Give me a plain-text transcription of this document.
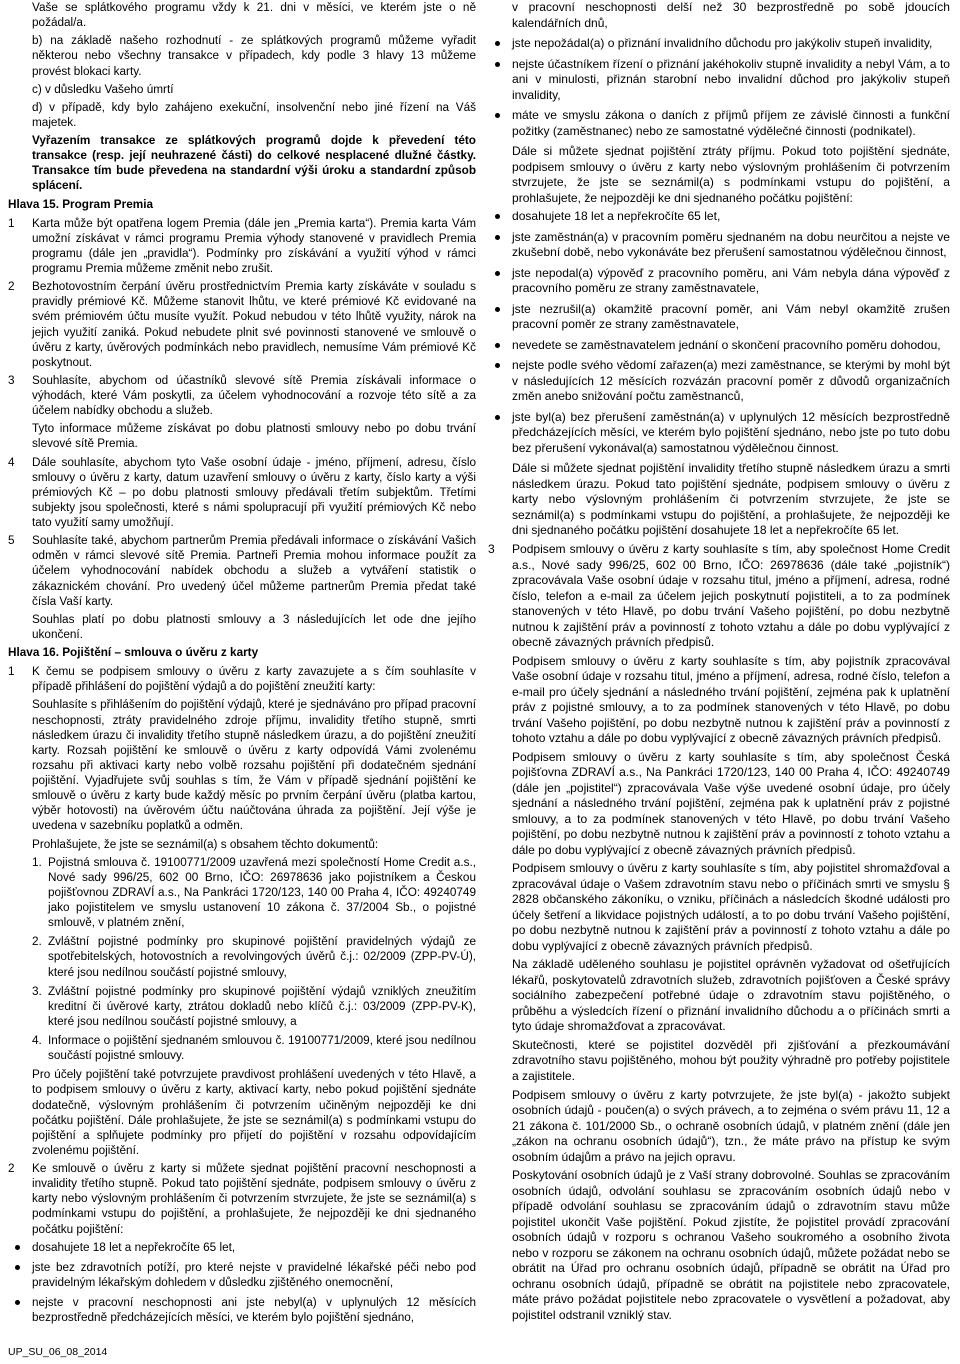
Vaše se splátkového programu vždy k 21. dni v měsíci, ve kterém jste o ně požádal/a.

b) na základě našeho rozhodnutí - ze splátkových programů můžeme vyřadit některou nebo všechny transakce v případech, kdy podle 3 hlavy 13 můžeme provést blokaci karty.

c) v důsledku Vašeho úmrtí

d) v případě, kdy bylo zahájeno exekuční, insolvenční nebo jiné řízení na Váš majetek.

Vyřazením transakce ze splátkových programů dojde k převedení této transakce (resp. její neuhrazené části) do celkové nesplacené dlužné částky. Transakce tím bude převedena na standardní výši úroku a standardní způsob splácení.

Hlava 15. Program Premia
1 Karta může být opatřena logem Premia (dále jen „Premia karta“). Premia karta Vám umožní získávat v rámci programu Premia výhody stanovené v pravidlech Premia programu (dále jen „pravidla“). Podmínky pro získávání a využití výhod v rámci programu Premia můžeme změnit nebo zrušit.

2 Bezhotovostním čerpání úvěru prostřednictvím Premia karty získáváte v souladu s pravidly prémiové Kč. Můžeme stanovit lhůtu, ve které prémiové Kč evidované na svém prémiovém účtu musíte využít. Pokud nebudou v této lhůtě využity, nárok na jejich využití zaniká. Pokud nebudete plnit své povinnosti stanovené ve smlouvě o úvěru z karty, úvěrových podmínkách nebo pravidlech, nemusíme Vám prémiové Kč poskytnout.

3 Souhlasíte, abychom od účastníků slevové sítě Premia získávali informace o výhodách, které Vám poskytli, za účelem vyhodnocování a rozvoje této sítě a za účelem nabídky obchodu a služeb.

Tyto informace můžeme získávat po dobu platnosti smlouvy nebo po dobu trvání slevové sítě Premia.

4 Dále souhlasíte, abychom tyto Vaše osobní údaje - jméno, příjmení, adresu, číslo smlouvy o úvěru z karty, datum uzavření smlouvy o úvěru z karty, číslo karty a výši prémiových Kč – po dobu platnosti smlouvy předávali třetím subjektům. Třetími subjekty jsou společnosti, které s námi spolupracují při využití prémiových Kč nebo tato využití samy umožňují.

5 Souhlasíte také, abychom partnerům Premia předávali informace o získávání Vašich odměn v rámci slevové sítě Premia. Partneři Premia mohou informace použít za účelem vyhodnocování nabídek obchodu a služeb a vytváření statistik o zákaznickém chování. Pro uvedený účel můžeme partnerům Premia předat také čísla Vaší karty.

Souhlas platí po dobu platnosti smlouvy a 3 následujících let ode dne jejího ukončení.

Hlava 16. Pojištění – smlouva o úvěru z karty
1 K čemu se podpisem smlouvy o úvěru z karty zavazujete a s čím souhlasíte v případě přihlášení do pojištění výdajů a do pojištění zneužití karty:

Souhlasíte s přihlášením do pojištění výdajů, které je sjednáváno pro případ pracovní neschopnosti, ztráty pravidelného zdroje příjmu, invalidity třetího stupně, smrti následkem úrazu či invalidity třetího stupně následkem úrazu, a do pojištění zneužití karty. Rozsah pojištění ke smlouvě o úvěru z karty odpovídá Vámi zvolenému rozsahu při aktivaci karty nebo volbě rozsahu pojištění při dodatečném sjednání pojištění. Vyjadřujete svůj souhlas s tím, že Vám v případě sjednání pojištění ke smlouvě o úvěru z karty bude každý měsíc po prvním čerpání úvěru (platba kartou, výběr hotovosti) na úvěrovém účtu naúčtována úhrada za pojištění. Její výše je uvedena v sazebníku poplatků a odměn.

Prohlašujete, že jste se seznámil(a) s obsahem těchto dokumentů:

1. Pojistná smlouva č. 19100771/2009 uzavřená mezi společností Home Credit a.s., Nové sady 996/25, 602 00 Brno, IČO: 26978636 jako pojistníkem a Českou pojišťovnou ZDRAVÍ a.s., Na Pankráci 1720/123, 140 00 Praha 4, IČO: 49240749 jako pojistitelem ve smyslu ustanovení 10 zákona č. 37/2004 Sb., o pojistné smlouvě, v platném znění,
2. Zvláštní pojistné podmínky pro skupinové pojištění pravidelných výdajů ze spotřebitelských, hotovostních a revolvingových úvěrů č.j.: 02/2009 (ZPP-PV-Ú), které jsou nedílnou součástí pojistné smlouvy,
3. Zvláštní pojistné podmínky pro skupinové pojištění výdajů vzniklých zneužitím kreditní či úvěrové karty, ztrátou dokladů nebo klíčů č.j.: 03/2009 (ZPP-PV-K), které jsou nedílnou součástí pojistné smlouvy, a
4. Informace o pojištění sjednaném smlouvou č. 19100771/2009, které jsou nedílnou součástí pojistné smlouvy.

Pro účely pojištění také potvrzujete pravdivost prohlášení uvedených v této Hlavě, a to podpisem smlouvy o úvěru z karty, aktivací karty, nebo pokud pojištění sjednáte dodatečně, výslovným prohlášením či potvrzením učiněným nejpozději ke dni počátku pojištění. Dále prohlašujete, že jste se seznámil(a) s podmínkami vstupu do pojištění a splňujete podmínky pro přijetí do pojištění v rozsahu odpovídajícím zvolenému pojištění.

2 Ke smlouvě o úvěru z karty si můžete sjednat pojištění pracovní neschopnosti a invalidity třetího stupně. Pokud tato pojištění sjednáte, podpisem smlouvy o úvěru z karty nebo výslovným prohlášením či potvrzením stvrzujete, že jste se seznámil(a) s podmínkami vstupu do pojištění, a prohlašujete, že nejpozději ke dni sjednaného počátku pojištění:

dosahujete 18 let a nepřekročíte 65 let,
jste bez zdravotních potíží, pro které nejste v pravidelné lékařské péči nebo pod pravidelným lékařským dohledem v důsledku zjištěného onemocnění,
nejste v pracovní neschopnosti ani jste nebyl(a) v uplynulých 12 měsících bezprostředně předcházejících měsíci, ve kterém bylo pojištění sjednáno,
v pracovní neschopnosti delší než 30 bezprostředně po sobě jdoucích kalendářních dnů,
jste nepožádal(a) o přiznání invalidního důchodu pro jakýkoliv stupeň invalidity,
nejste účastníkem řízení o přiznání jakéhokoliv stupně invalidity a nebyl Vám, a to ani v minulosti, přiznán starobní nebo invalidní důchod pro jakýkoliv stupeň invalidity,
máte ve smyslu zákona o daních z příjmů příjem ze závislé činnosti a funkční požitky (zaměstnanec) nebo ze samostatné výdělečné činnosti (podnikatel).

Dále si můžete sjednat pojištění ztráty příjmu. Pokud toto pojištění sjednáte, podpisem smlouvy o úvěru z karty nebo výslovným prohlášením či potvrzením stvrzujete, že jste se seznámil(a) s podmínkami vstupu do pojištění, a prohlašujete, že nejpozději ke dni sjednaného počátku pojištění:

dosahujete 18 let a nepřekročíte 65 let,
jste zaměstnán(a) v pracovním poměru sjednaném na dobu neurčitou a nejste ve zkušební době, nebo vykonáváte bez přerušení samostatnou výdělečnou činnost,
jste nepodal(a) výpověď z pracovního poměru, ani Vám nebyla dána výpověď z pracovního poměru ze strany zaměstnavatele,
jste nezrušil(a) okamžitě pracovní poměr, ani Vám nebyl okamžitě zrušen pracovní poměr ze strany zaměstnavatele,
nevedete se zaměstnavatelem jednání o skončení pracovního poměru dohodou,
nejste podle svého vědomí zařazen(a) mezi zaměstnance, se kterými by mohl být v následujících 12 měsících rozvázán pracovní poměr z důvodů organizačních změn anebo snižování počtu zaměstnanců,
jste byl(a) bez přerušení zaměstnán(a) v uplynulých 12 měsících bezprostředně předcházejících měsíci, ve kterém bylo pojištění sjednáno, nebo jste po tuto dobu bez přerušení vykonával(a) samostatnou výdělečnou činnost.

Dále si můžete sjednat pojištění invalidity třetího stupně následkem úrazu a smrti následkem úrazu. Pokud tato pojištění sjednáte, podpisem smlouvy o úvěru z karty nebo výslovným prohlášením či potvrzením stvrzujete, že jste se seznámil(a) s podmínkami vstupu do pojištění, a prohlašujete, že nejpozději ke dni sjednaného počátku pojištění dosahujete 18 let a nepřekročíte 65 let.

3 Podpisem smlouvy o úvěru z karty souhlasíte s tím, aby společnost Home Credit a.s., Nové sady 996/25, 602 00 Brno, IČO: 26978636 (dále také „pojistník“) zpracovávala Vaše osobní údaje v rozsahu titul, jméno a příjmení, adresa, rodné číslo, telefon a e-mail za účelem jejich poskytnutí pojistiteli, a to za podmínek stanovených v této Hlavě, po dobu trvání Vašeho pojištění, po dobu nezbytně nutnou k zajištění práv a povinností z tohoto vztahu a dále po dobu vyplývající z obecně závazných právních předpisů.

Podpisem smlouvy o úvěru z karty souhlasíte s tím, aby pojistník zpracovával Vaše osobní údaje v rozsahu titul, jméno a příjmení, adresa, rodné číslo, telefon a e-mail pro účely sjednání a následného trvání pojištění, zejména pak k uplatnění práv z pojistné smlouvy, a to za podmínek stanovených v této Hlavě, po dobu trvání Vašeho pojištění, po dobu nezbytně nutnou k zajištění práv a povinností z tohoto vztahu a dále po dobu vyplývající z obecně závazných právních předpisů.

Podpisem smlouvy o úvěru z karty souhlasíte s tím, aby společnost Česká pojišťovna ZDRAVÍ a.s., Na Pankráci 1720/123, 140 00 Praha 4, IČO: 49240749 (dále jen „pojistitel“) zpracovávala Vaše výše uvedené osobní údaje, pro účely sjednání a následného trvání pojištění, zejména pak k uplatnění práv z pojistné smlouvy, a to za podmínek stanovených v této Hlavě, po dobu trvání Vašeho pojištění, po dobu nezbytně nutnou k zajištění práv a povinností z tohoto vztahu a dále po dobu vyplývající z obecně závazných právních předpisů.

Podpisem smlouvy o úvěru z karty souhlasíte s tím, aby pojistitel shromažďoval a zpracovával údaje o Vašem zdravotním stavu nebo o příčinách smrti ve smyslu § 2828 občanského zákoníku, o vzniku, příčinách a následcích škodné události pro účely šetření a likvidace pojistných událostí, a to po dobu trvání Vašeho pojištění, po dobu nezbytně nutnou k zajištění práv a povinností z tohoto vztahu a dále po dobu vyplývající z obecně závazných právních předpisů.

Na základě uděleného souhlasu je pojistitel oprávněn vyžadovat od ošetřujících lékařů, poskytovatelů zdravotních služeb, zdravotních pojišťoven a České správy sociálního zabezpečení potřebné údaje o zdravotním stavu pojištěného, o průběhu a výsledcích řízení o přiznání invalidního důchodu a o příčinách smrti a tyto údaje shromažďovat a zpracovávat.

Skutečnosti, které se pojistitel dozvěděl při zjišťování a přezkoumávání zdravotního stavu pojištěného, mohou být použity výhradně pro potřeby pojistitele a zajistitele.

Podpisem smlouvy o úvěru z karty potvrzujete, že jste byl(a) - jakožto subjekt osobních údajů - poučen(a) o svých právech, a to zejména o svém právu 11, 12 a 21 zákona č. 101/2000 Sb., o ochraně osobních údajů, v platném znění (dále jen „zákon na ochranu osobních údajů“), tzn., že máte právo na přístup ke svým osobním údajům a právo na jejich opravu.

Poskytování osobních údajů je z Vaší strany dobrovolné. Souhlas se zpracováním osobních údajů, odvolání souhlasu se zpracováním osobních údajů nebo v případě odvolání souhlasu se zpracováním údajů o zdravotním stavu může pojistitel ukončit Vaše pojištění. Pokud zjistíte, že pojistitel provádí zpracování osobních údajů v rozporu s ochranou Vašeho soukromého a osobního života nebo v rozporu se zákonem na ochranu osobních údajů, můžete požádat nebo se obrátit na Úřad pro ochranu osobních údajů, případně se obrátit na Úřad pro ochranu osobních údajů, případně se obrátit na pojistitele nebo zpracovatele, máte právo požádat pojistitele nebo zpracovatele o vysvětlení a požadovat, aby pojistitel odstranil vzniklý stav.

UP_SU_06_08_2014
